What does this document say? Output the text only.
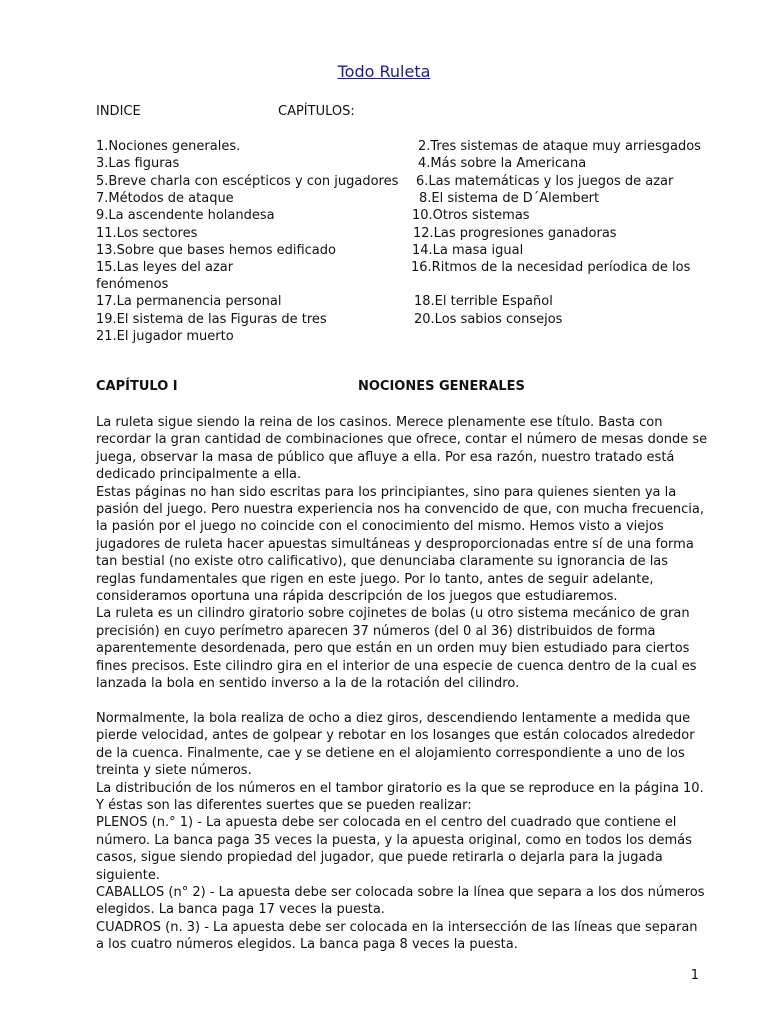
Todo Ruleta
INDICE	CAPÍTULOS:
1.Nociones generales.
3.Las figuras
5.Breve charla con escépticos y con jugadores
7.Métodos de ataque
9.La ascendente holandesa
11.Los sectores
13.Sobre que bases hemos edificado
15.Las leyes del azar
17.La permanencia personal
19.El sistema de las Figuras de tres
21.El jugador muerto
2.Tres sistemas de ataque muy arriesgados
4.Más sobre la Americana
6.Las matemáticas y los juegos de azar
8.El sistema de D´Alembert
10.Otros sistemas
12.Las progresiones ganadoras
14.La masa igual
16.Ritmos de la necesidad períodica de los fenómenos
18.El terrible Español
20.Los sabios consejos
CAPÍTULO I	NOCIONES GENERALES

La ruleta sigue siendo la reina de los casinos. Merece plenamente ese título. Basta con recordar la gran cantidad de combinaciones que ofrece, contar el número de mesas donde se juega, observar la masa de público que afluye a ella. Por esa razón, nuestro tratado está dedicado principalmente a ella.

Estas páginas no han sido escritas para los principiantes, sino para quienes sienten ya la pasión del juego. Pero nuestra experiencia nos ha convencido de que, con mucha frecuencia, la pasión por el juego no coincide con el conocimiento del mismo. Hemos visto a viejos jugadores de ruleta hacer apuestas simultáneas y desproporcionadas entre sí de una forma tan bestial (no existe otro calificativo), que denunciaba claramente su ignorancia de las reglas fundamentales que rigen en este juego. Por lo tanto, antes de seguir adelante, consideramos oportuna una rápida descripción de los juegos que estudiaremos.

La ruleta es un cilindro giratorio sobre cojinetes de bolas (u otro sistema mecánico de gran precisión) en cuyo perímetro aparecen 37 números (del 0 al 36) distribuidos de forma aparentemente desordenada, pero que están en un orden muy bien estudiado para ciertos fines precisos. Este cilindro gira en el interior de una especie de cuenca dentro de la cual es lanzada la bola en sentido inverso a la de la rotación del cilindro.

Normalmente, la bola realiza de ocho a diez giros, descendiendo lentamente a medida que pierde velocidad, antes de golpear y rebotar en los losanges que están colocados alrededor de la cuenca. Finalmente, cae y se detiene en el alojamiento correspondiente a uno de los treinta y siete números.

La distribución de los números en el tambor giratorio es la que se reproduce en la página 10.

Y éstas son las diferentes suertes que se pueden realizar:

PLENOS (n.° 1) - La apuesta debe ser colocada en el centro del cuadrado que contiene el número. La banca paga 35 veces la puesta, y la apuesta original, como en todos los demás casos, sigue siendo propiedad del jugador, que puede retirarla o dejarla para la jugada siguiente.

CABALLOS (n° 2) - La apuesta debe ser colocada sobre la línea que separa a los dos números elegidos. La banca paga 17 veces la puesta.

CUADROS (n. 3) - La apuesta debe ser colocada en la intersección de las líneas que separan a los cuatro números elegidos. La banca paga 8 veces la puesta.

1
